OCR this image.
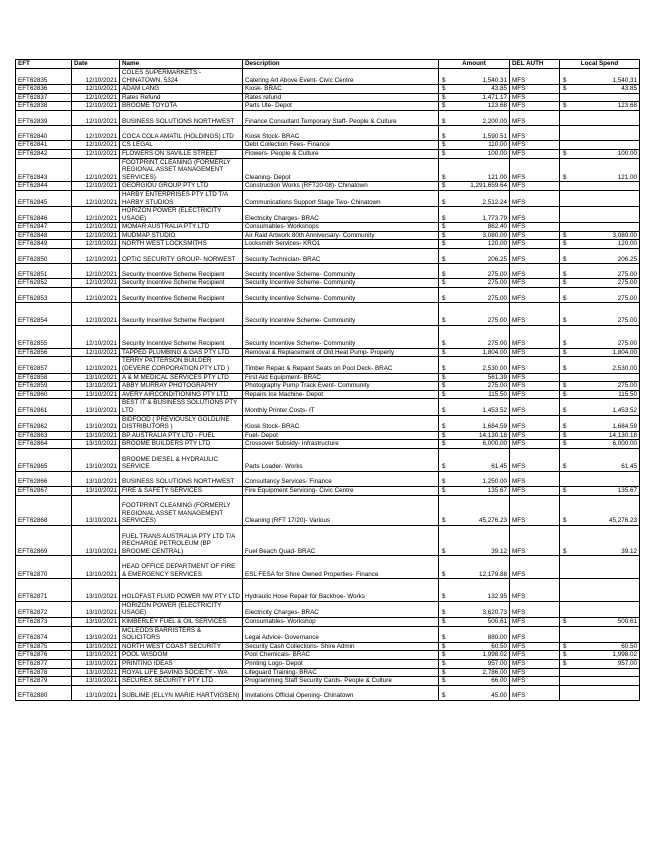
EFT	Date	Name	Description	Amount	DEL AUTH	Local Spend
EFT62835	12/10/2021	COLES SUPERMARKETS - CHINATOWN, 5324	Catering Art Above Event- Civic Centre	$ 1,540.31	MFS	$ 1,540.31

EFT62836	12/10/2021	ADAM LANG	Kiosk- BRAC	$ 43.85	MFS	$ 43.85

EFT62837	12/10/2021	Rates Refund	Rates refund	$ 1,471.17	MFS	
EFT62838	12/10/2021	BROOME TOYOTA	Parts Ute- Depot	$ 123.68	MFS	$ 123.68

EFT62839	12/10/2021	BUSINESS SOLUTIONS NORTHWEST	Finance Consultant Temporary Staff- People & Culture	$ 2,200.00	MFS	
EFT62840	12/10/2021	COCA COLA AMATIL (HOLDINGS) LTD	Kiosk Stock- BRAC	$ 1,590.51	MFS	
EFT62841	12/10/2021	CS LEGAL	Debt Collection Fees- Finance	$ 110.00	MFS	
EFT62842	12/10/2021	FLOWERS ON SAVILLE STREET	Flowers- People & Culture	$ 100.00	MFS	$ 100.00

EFT62843	12/10/2021	FOOTPRINT CLEANING (FORMERLY REGIONAL ASSET MANAGEMENT SERVICES)	Cleaning- Depot	$ 121.00	MFS	$ 121.00

EFT62844	12/10/2021	GEORGIOU GROUP PTY LTD	Construction Works (RFT20-08)- Chinatown	$ 1,291,659.64	MFS	
EFT62845	12/10/2021	HARBY ENTERPRISES PTY LTD T/A HARBY STUDIOS	Communications Support Stage Two- Chinatown	$ 2,512.24	MFS	
EFT62846	12/10/2021	HORIZON POWER (ELECTRICITY USAGE)	Electricity Charges- BRAC	$ 1,773.79	MFS	
EFT62847	12/10/2021	MOMAR AUSTRALIA PTY LTD	Consumables- Workshops	$ 862.40	MFS	
EFT62848	12/10/2021	MUDMAP STUDIO	Air Raid Artwork 80th Anniversary- Community	$ 3,080.00	MFS	$ 3,080.00

EFT62849	12/10/2021	NORTH WEST LOCKSMITHS	Locksmith Services- KRO1	$ 120.00	MFS	$ 120.00

EFT62850	12/10/2021	OPTIC SECURITY GROUP- NORWEST	Security Technician- BRAC	$ 206.25	MFS	$ 206.25

EFT62851	12/10/2021	Security Incentive Scheme Recipient	Security Incentive Scheme- Community	$ 275.00	MFS	$ 275.00

EFT62852	12/10/2021	Security Incentive Scheme Recipient	Security Incentive Scheme- Community	$ 275.00	MFS	$ 275.00

EFT62853	12/10/2021	Security Incentive Scheme Recipient	Security Incentive Scheme- Community	$ 275.00	MFS	$ 275.00

EFT62854	12/10/2021	Security Incentive Scheme Recipient	Security Incentive Scheme- Community	$ 275.00	MFS	$ 275.00

EFT62855	12/10/2021	Security Incentive Scheme Recipient	Security Incentive Scheme- Community	$ 275.00	MFS	$ 275.00

EFT62856	12/10/2021	TAPPED PLUMBING & GAS PTY LTD	Removal & Replacement of Old Heat Pump- Property	$ 1,804.00	MFS	$ 1,804.00

EFT62857	12/10/2021	TERRY PATTERSON BUILDER (DEVERE CORPORATION PTY LTD )	Timber Repair & Repaint Seats on Pool Deck- BRAC	$ 2,530.00	MFS	$ 2,530.00

EFT62858	13/10/2021	A & M MEDICAL SERVICES PTY LTD	First Aid Equipment- BRAC	$ 561.39	MFS	
EFT62859	13/10/2021	ABBY MURRAY PHOTOGRAPHY	Photography Pump Track Event- Community	$ 275.00	MFS	$ 275.00

EFT62860	13/10/2021	AVERY AIRCONDITIONING PTY LTD	Repairs Ice Machine- Depot	$ 115.50	MFS	$ 115.50

EFT62861	13/10/2021	BEST IT & BUSINESS SOLUTIONS PTY LTD	Monthly Printer Costs- IT	$ 1,453.52	MFS	$ 1,453.52

EFT62862	13/10/2021	BIDFOOD ( PREVIOUSLY GOLDLINE DISTRIBUTORS )	Kiosk Stock- BRAC	$ 1,684.59	MFS	$ 1,684.59

EFT62863	13/10/2021	BP AUSTRALIA PTY LTD - FUEL	Fuel- Depot	$ 14,130.18	MFS	$ 14,130.18

EFT62864	13/10/2021	BROOME BUILDERS PTY LTD	Crossover Subsidy- Infrastructure	$ 6,000.00	MFS	$ 6,000.00

EFT62865	13/10/2021	BROOME DIESEL & HYDRAULIC SERVICE	Parts Loader- Works	$ 61.45	MFS	$ 61.45

EFT62866	13/10/2021	BUSINESS SOLUTIONS NORTHWEST	Consultancy Services- Finance	$ 1,250.00	MFS	
EFT62867	13/10/2021	FIRE & SAFETY SERVICES	Fire Equipment Servicing- Civic Centre	$ 135.67	MFS	$ 135.67

EFT62868	13/10/2021	FOOTPRINT CLEANING (FORMERLY REGIONAL ASSET MANAGEMENT SERVICES)	Cleaning (RFT 17/20)- Various	$ 45,276.23	MFS	$ 45,276.23

EFT62869	13/10/2021	FUEL TRANS AUSTRALIA PTY LTD T/A RECHARGE PETROLEUM (BP BROOME CENTRAL)	Fuel Beach Quad- BRAC	$ 39.12	MFS	$ 39.12

EFT62870	13/10/2021	HEAD OFFICE DEPARTMENT OF FIRE & EMERGENCY SERVICES	ESL FESA for Shire Owned Properties- Finance	$ 12,179.88	MFS	
EFT62871	13/10/2021	HOLDFAST FLUID POWER NW PTY LTD	Hydraulic Hose Repair for Backhoe- Works	$ 132.95	MFS	
EFT62872	13/10/2021	HORIZON POWER (ELECTRICITY USAGE)	Electricity Charges- BRAC	$ 3,620.73	MFS	
EFT62873	13/10/2021	KIMBERLEY FUEL & OIL SERVICES	Consumables- Workshop	$ 500.61	MFS	$ 500.61

EFT62874	13/10/2021	MCLEODS BARRISTERS & SOLICITORS	Legal Advice- Governance	$ 880.00	MFS	
EFT62875	13/10/2021	NORTH WEST COAST SECURITY	Security Cash Collections- Shire Admin	$ 60.50	MFS	$ 60.50

EFT62876	13/10/2021	POOL WISDOM	Pool Chemicals- BRAC	$ 1,998.02	MFS	$ 1,998.02

EFT62877	13/10/2021	PRINTING IDEAS	Printing Logo- Depot	$ 957.00	MFS	$ 957.00

EFT62878	13/10/2021	ROYAL LIFE SAVING SOCIETY - WA	Lifeguard Training- BRAC	$ 2,786.00	MFS	
EFT62879	13/10/2021	SECUREX SECURITY PTY LTD	Programming Staff Security Cards- People & Culture	$ 66.00	MFS	
EFT62880	13/10/2021	SUBLIME (ELLYN MARIE HARTVIGSEN)	Invitations Official Opening- Chinatown	$ 45.00	MFS	
